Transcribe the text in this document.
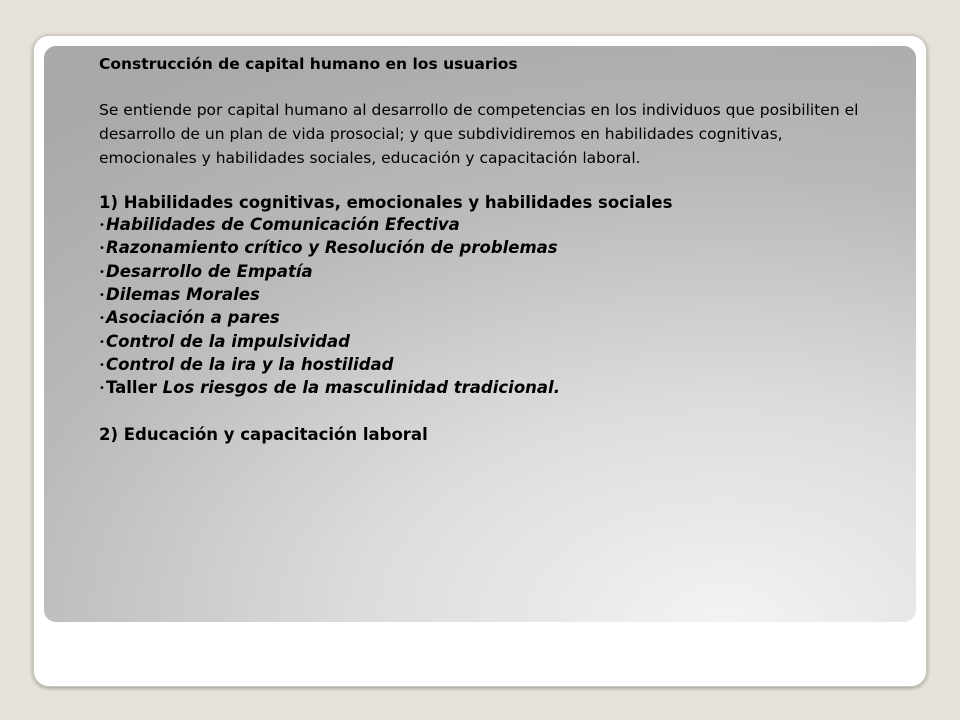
Construcción de capital humano en los usuarios

Se entiende por capital humano al desarrollo de competencias en los individuos que posibiliten el desarrollo de un plan de vida prosocial; y que subdividiremos en habilidades cognitivas, emocionales y habilidades sociales, educación y capacitación laboral.

1) Habilidades cognitivas, emocionales y habilidades sociales

•Habilidades de Comunicación Efectiva
•Razonamiento crítico y Resolución de problemas
•Desarrollo de Empatía
•Dilemas Morales
•Asociación a pares
•Control de la impulsividad
•Control de la ira y la hostilidad
•Taller Los riesgos de la masculinidad tradicional.

2) Educación y capacitación laboral
